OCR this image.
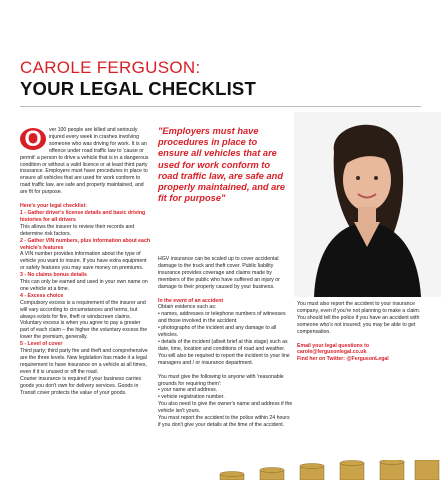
CAROLE FERGUSON:
YOUR LEGAL CHECKLIST

O	ver 100 people are killed and seriously injured every week in crashes involving someone who was driving for work. It is an offence under road traffic law to 'cause or permit' a person to drive a vehicle that is in a dangerous condition or without a valid licence or at least third party insurance. Employers must have procedures in place to ensure all vehicles that are used for work conform to road traffic law, are safe and properly maintained, and are fit for purpose.

Here's your legal checklist:

1 - Gather driver's license details and basic driving histories for all drivers

This allows the insurer to review their records and determine risk factors.

2 - Gather VIN numbers, plus information about each vehicle's features

A VIN number provides information about the type of vehicle you want to insure. If you have extra equipment or safety features you may save money on premiums.

3 - No claims bonus details

This can only be earned and used in your own name on one vehicle at a time.

4 - Excess choice

Compulsory excess is a requirement of the insurer and will vary according to circumstances and terms, but always exists for fire, theft or windscreen claims. Voluntary excess is when you agree to pay a greater part of each claim – the higher the voluntary excess the lower the premium, generally.

5 - Level of cover

Third party; third party fire and theft and comprehensive are the three levels. New legislation has made it a legal requirement to have insurance on a vehicle at all times, even if it is unused or off the road.

Courier insurance is required if your business carries goods you don't own for delivery services. Goods in Transit cover protects the value of your goods.

"Employers must have procedures in place to ensure all vehicles that are used for work conform to road traffic law, are safe and properly maintained, and are fit for purpose"

HGV insurance can be scaled up to cover accidental damage to the truck and theft cover. Public liability insurance provides coverage and claims made by members of the public who have suffered an injury or damage to their property caused by your business.

In the event of an accident

Obtain evidence such as:

• names, addresses or telephone numbers of witnesses and those involved in the accident.

• photographs of the incident and any damage to all vehicles.

• details of the incident (albeit brief at this stage) such as date, time, location and conditions of road and weather.

You will also be required to report the incident to your line managers and / or insurance department.

You must give the following to anyone with 'reasonable grounds for requiring them':

• your name and address.

• vehicle registration number.

You also need to give the owner's name and address if the vehicle isn't yours.

You must report the accident to the police within 24 hours if you don't give your details at the time of the accident.

You must also report the accident to your insurance company, even if you're not planning to make a claim.

You should tell the police if you have an accident with someone who's not insured; you may be able to get compensation.

Email your legal questions to carole@fergusonlegal.co.uk

Find her on Twitter: @FergusonLegal
